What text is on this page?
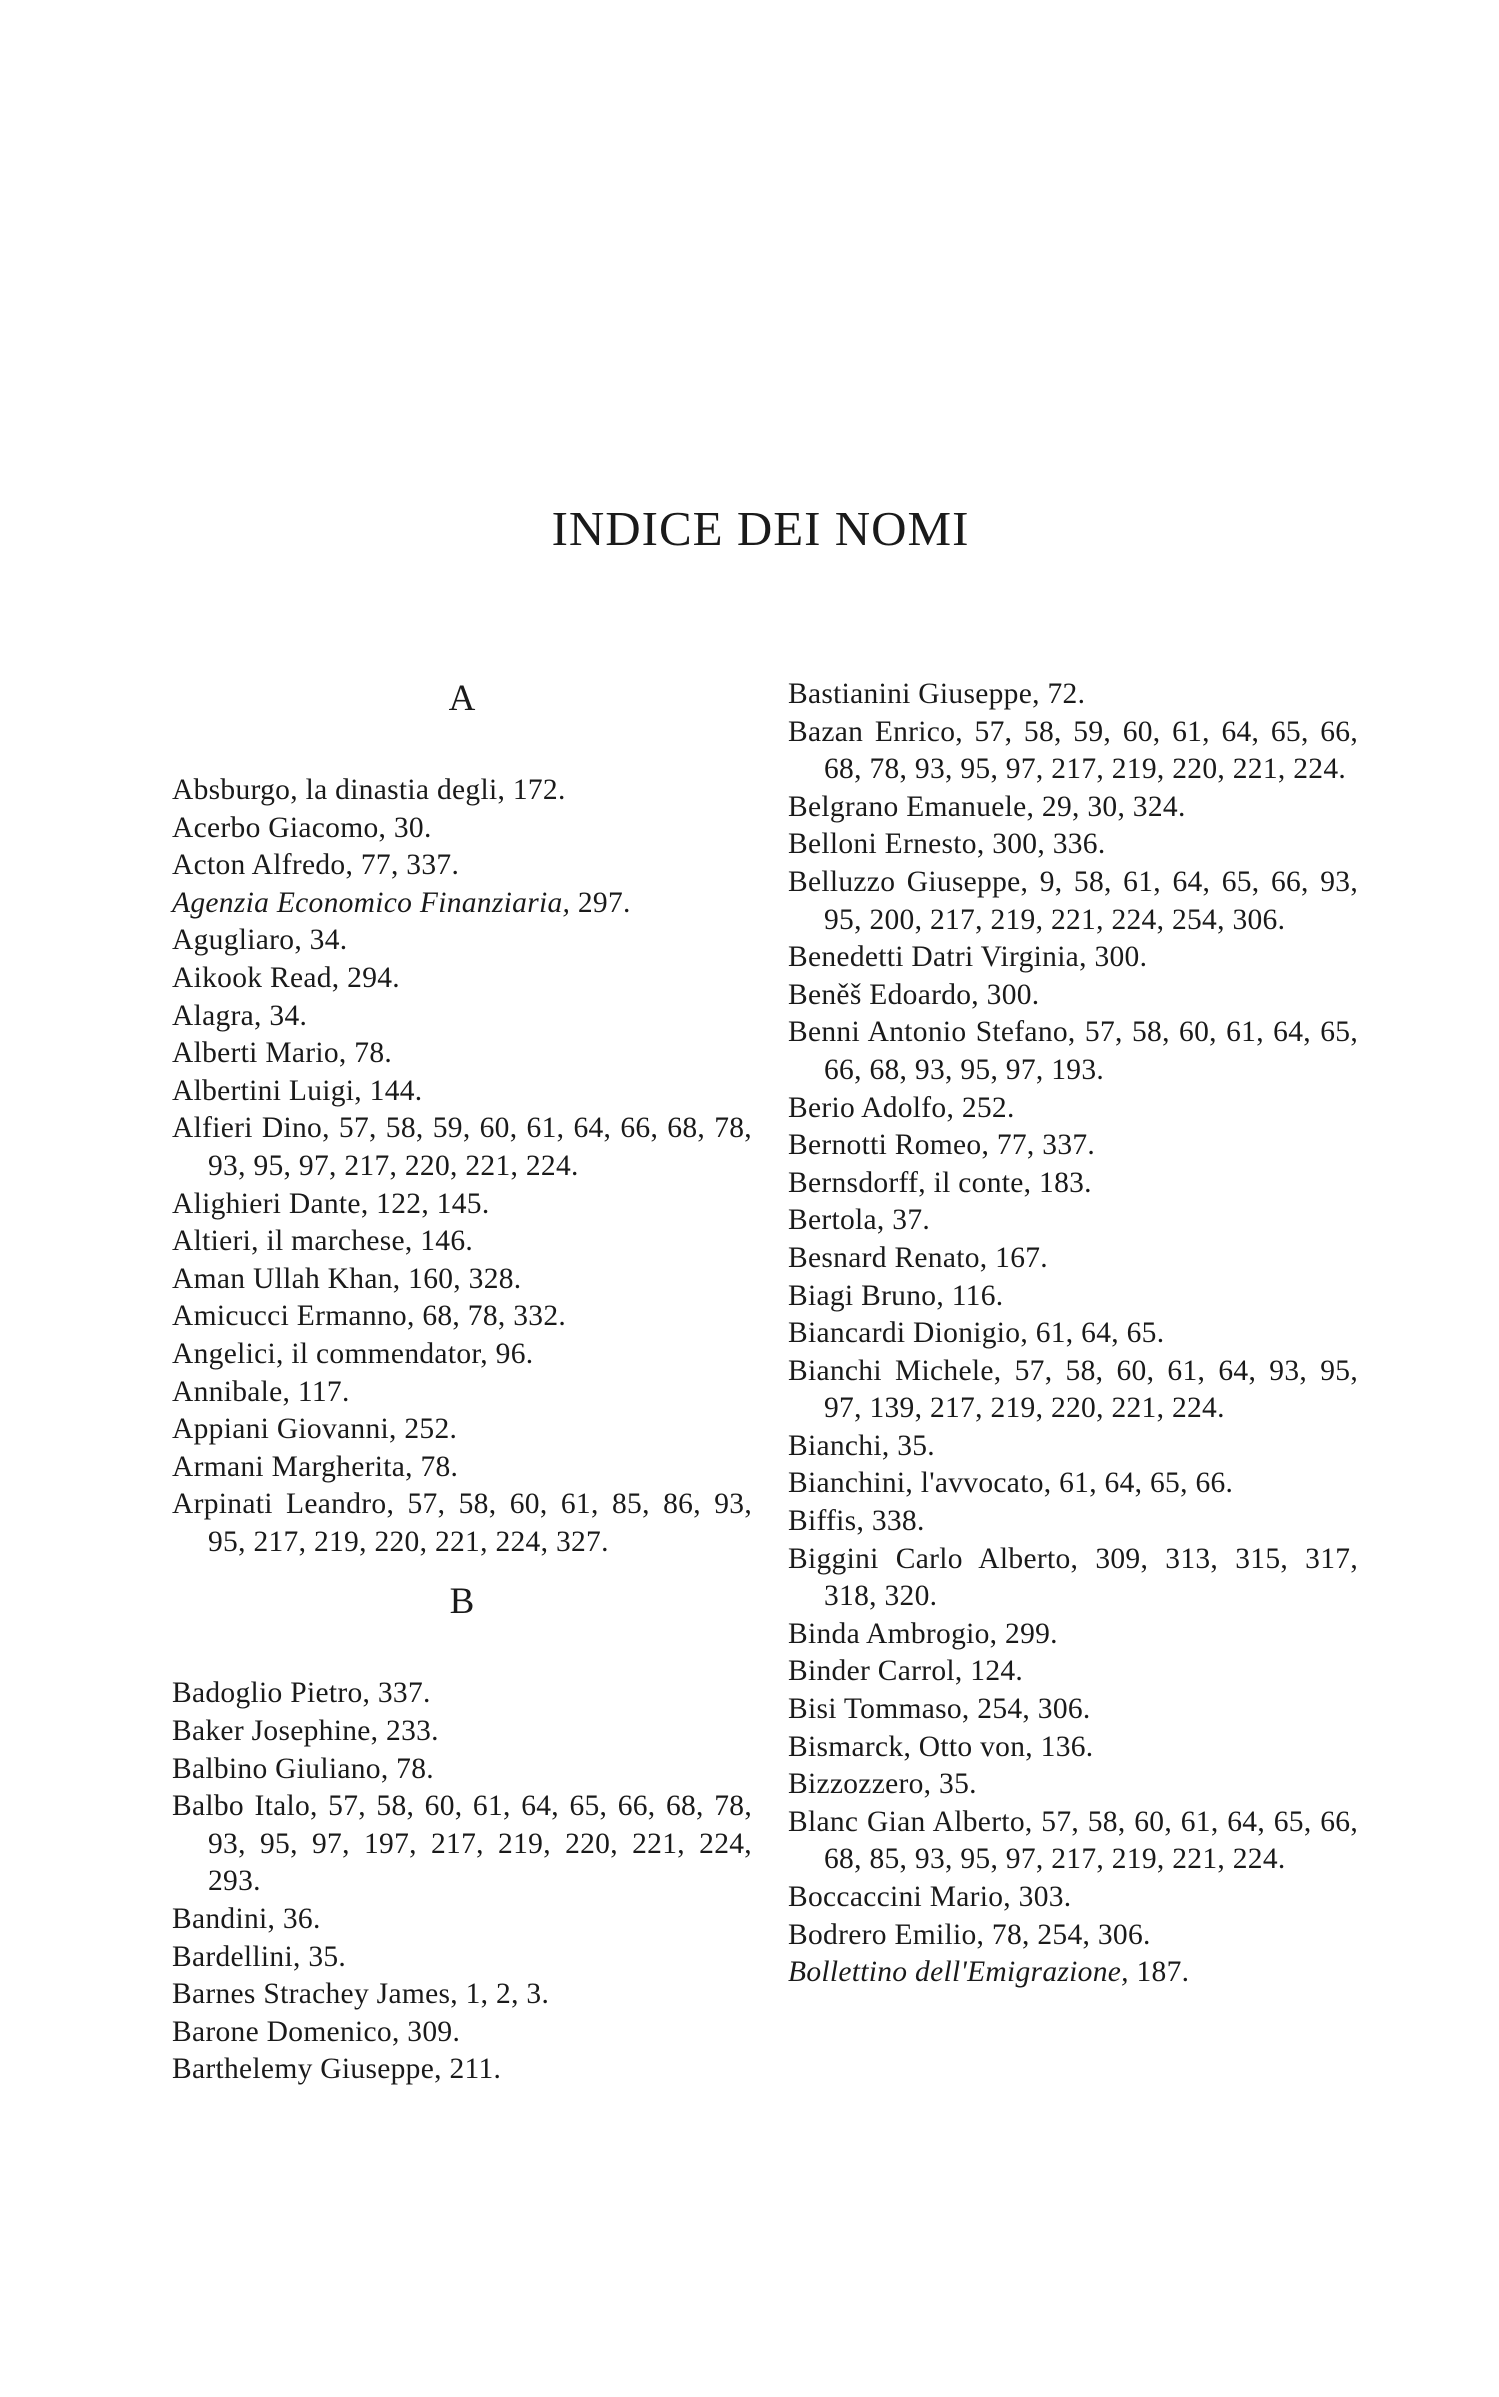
INDICE DEI NOMI
A
Absburgo, la dinastia degli, 172.
Acerbo Giacomo, 30.
Acton Alfredo, 77, 337.
Agenzia Economico Finanziaria, 297.
Agugliaro, 34.
Aikook Read, 294.
Alagra, 34.
Alberti Mario, 78.
Albertini Luigi, 144.
Alfieri Dino, 57, 58, 59, 60, 61, 64, 66, 68, 78, 93, 95, 97, 217, 220, 221, 224.
Alighieri Dante, 122, 145.
Altieri, il marchese, 146.
Aman Ullah Khan, 160, 328.
Amicucci Ermanno, 68, 78, 332.
Angelici, il commendator, 96.
Annibale, 117.
Appiani Giovanni, 252.
Armani Margherita, 78.
Arpinati Leandro, 57, 58, 60, 61, 85, 86, 93, 95, 217, 219, 220, 221, 224, 327.
B
Badoglio Pietro, 337.
Baker Josephine, 233.
Balbino Giuliano, 78.
Balbo Italo, 57, 58, 60, 61, 64, 65, 66, 68, 78, 93, 95, 97, 197, 217, 219, 220, 221, 224, 293.
Bandini, 36.
Bardellini, 35.
Barnes Strachey James, 1, 2, 3.
Barone Domenico, 309.
Barthelemy Giuseppe, 211.
Bastianini Giuseppe, 72.
Bazan Enrico, 57, 58, 59, 60, 61, 64, 65, 66, 68, 78, 93, 95, 97, 217, 219, 220, 221, 224.
Belgrano Emanuele, 29, 30, 324.
Belloni Ernesto, 300, 336.
Belluzzo Giuseppe, 9, 58, 61, 64, 65, 66, 93, 95, 200, 217, 219, 221, 224, 254, 306.
Benedetti Datri Virginia, 300.
Beněš Edoardo, 300.
Benni Antonio Stefano, 57, 58, 60, 61, 64, 65, 66, 68, 93, 95, 97, 193.
Berio Adolfo, 252.
Bernotti Romeo, 77, 337.
Bernsdorff, il conte, 183.
Bertola, 37.
Besnard Renato, 167.
Biagi Bruno, 116.
Biancardi Dionigio, 61, 64, 65.
Bianchi Michele, 57, 58, 60, 61, 64, 93, 95, 97, 139, 217, 219, 220, 221, 224.
Bianchi, 35.
Bianchini, l'avvocato, 61, 64, 65, 66.
Biffis, 338.
Biggini Carlo Alberto, 309, 313, 315, 317, 318, 320.
Binda Ambrogio, 299.
Binder Carrol, 124.
Bisi Tommaso, 254, 306.
Bismarck, Otto von, 136.
Bizzozzero, 35.
Blanc Gian Alberto, 57, 58, 60, 61, 64, 65, 66, 68, 85, 93, 95, 97, 217, 219, 221, 224.
Boccaccini Mario, 303.
Bodrero Emilio, 78, 254, 306.
Bollettino dell'Emigrazione, 187.
